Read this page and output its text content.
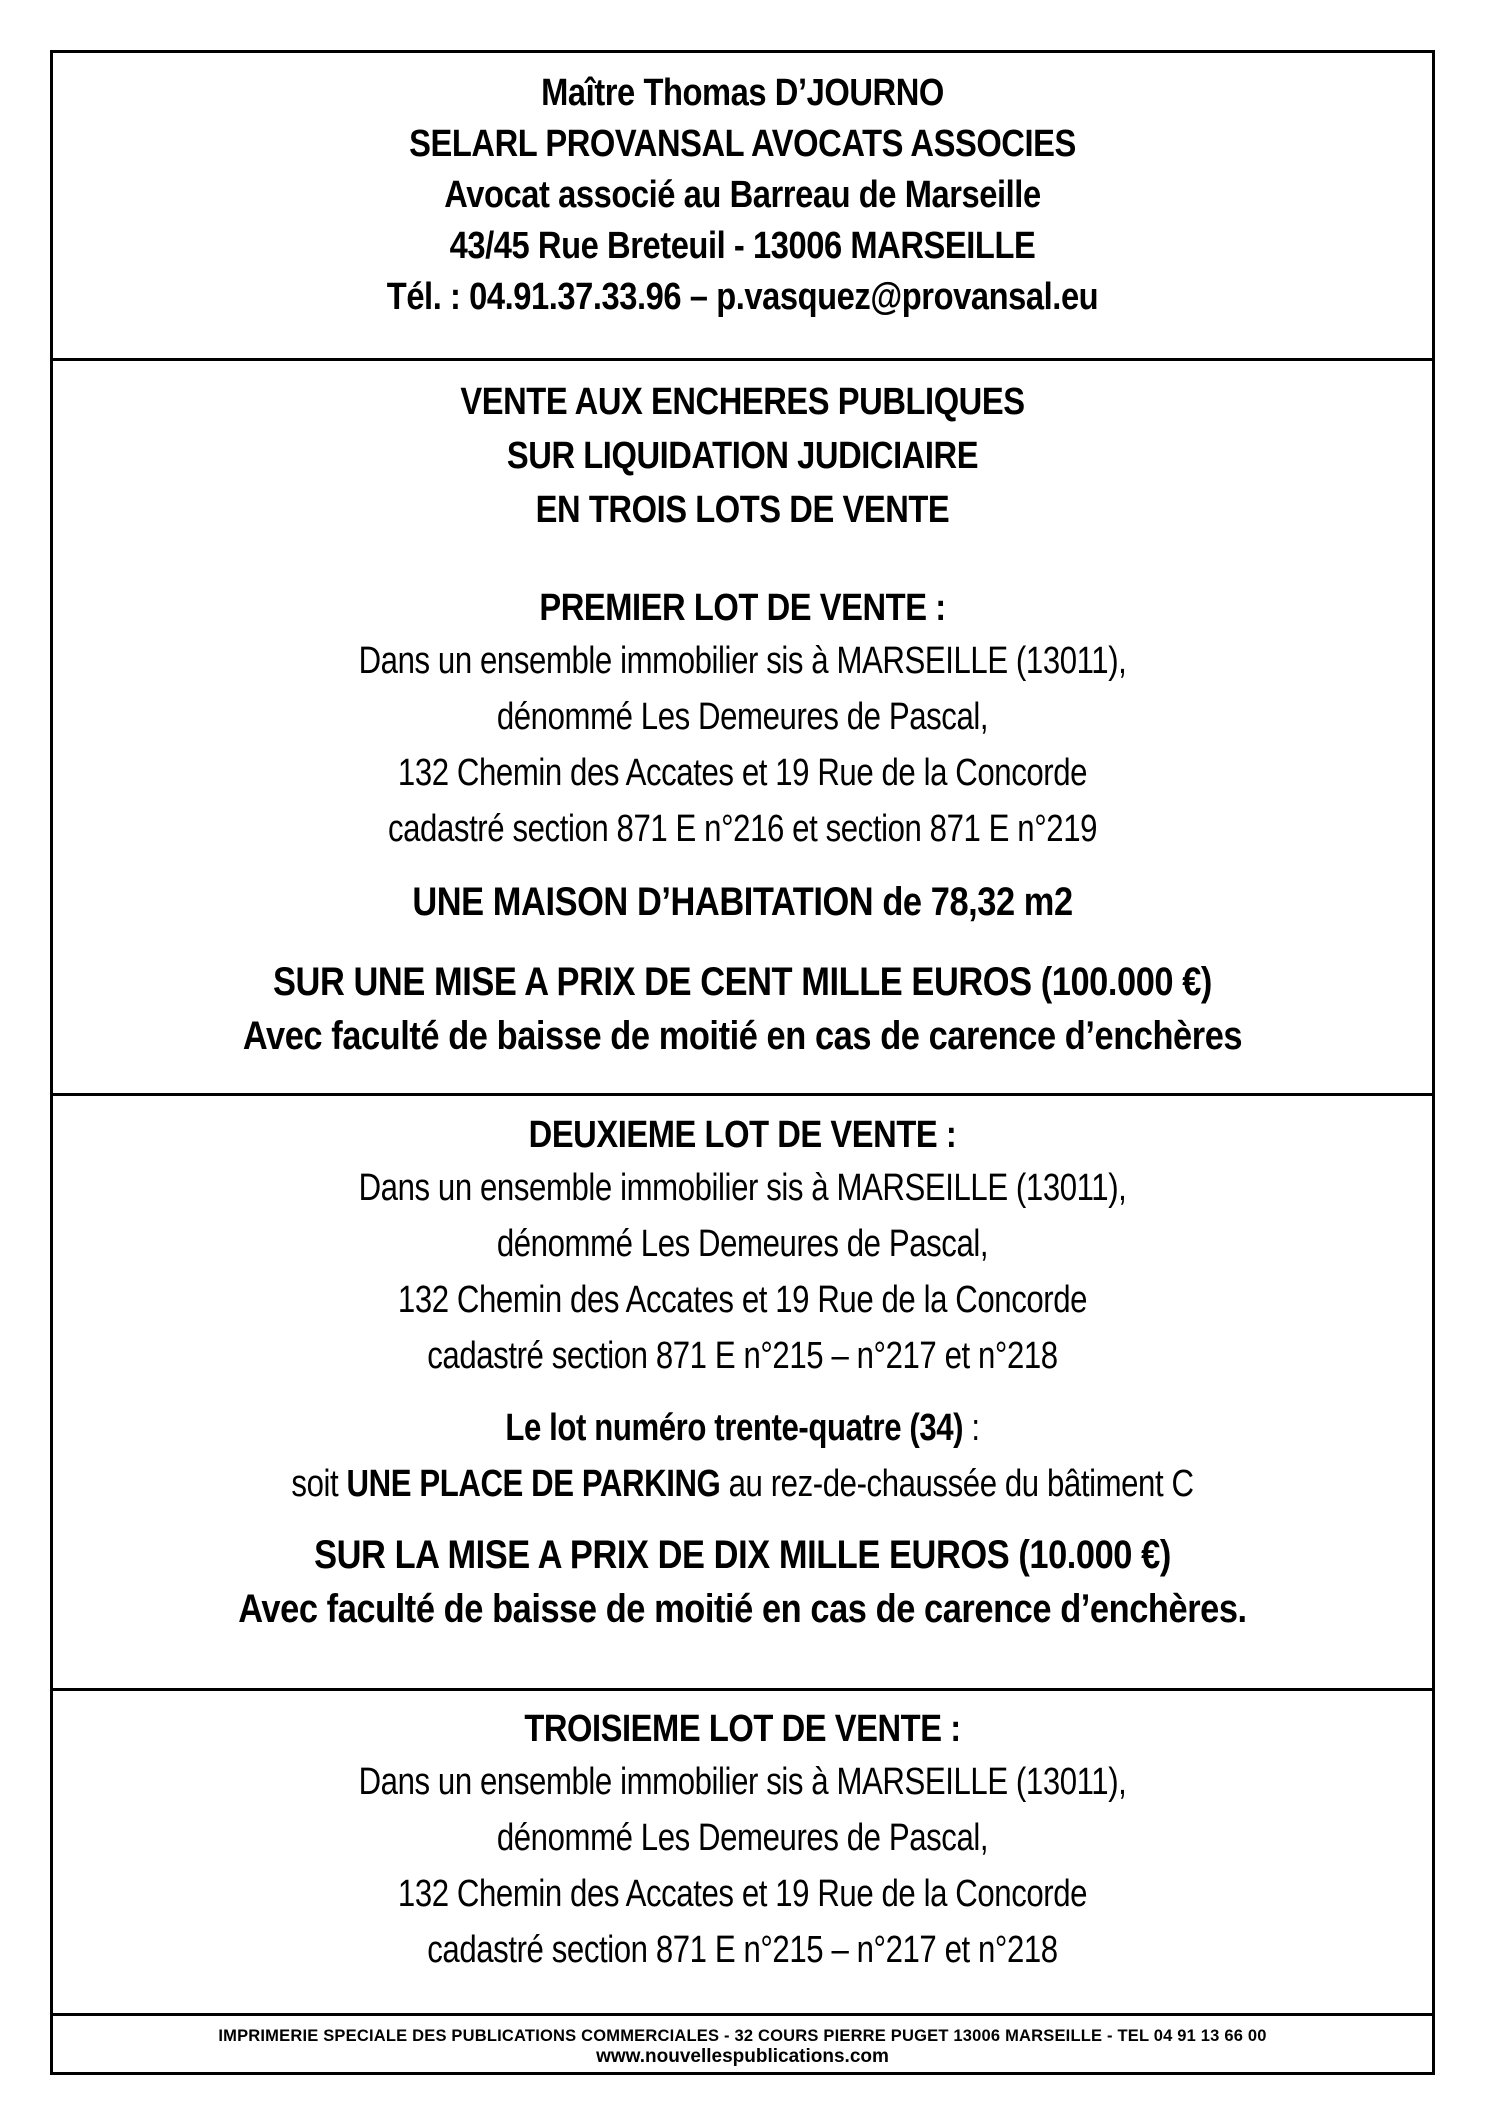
Maître Thomas D’JOURNO
SELARL PROVANSAL AVOCATS ASSOCIES
Avocat associé au Barreau de Marseille
43/45 Rue Breteuil - 13006 MARSEILLE
Tél. : 04.91.37.33.96 – p.vasquez@provansal.eu
VENTE AUX ENCHERES PUBLIQUES
SUR LIQUIDATION JUDICIAIRE
EN TROIS LOTS DE VENTE
PREMIER LOT DE VENTE :
Dans un ensemble immobilier sis à MARSEILLE (13011),
dénommé Les Demeures de Pascal,
132 Chemin des Accates et 19 Rue de la Concorde
cadastré section 871 E n°216 et section 871 E n°219
UNE MAISON D’HABITATION de 78,32 m2
SUR UNE MISE A PRIX DE CENT MILLE EUROS (100.000 €)
Avec faculté de baisse de moitié en cas de carence d’enchères
DEUXIEME LOT DE VENTE :
Dans un ensemble immobilier sis à MARSEILLE (13011),
dénommé Les Demeures de Pascal,
132 Chemin des Accates et 19 Rue de la Concorde
cadastré section 871 E n°215 – n°217 et n°218
Le lot numéro trente-quatre (34) :
soit UNE PLACE DE PARKING au rez-de-chaussée du bâtiment C
SUR LA MISE A PRIX DE DIX MILLE EUROS (10.000 €)
Avec faculté de baisse de moitié en cas de carence d’enchères.
TROISIEME LOT DE VENTE :
Dans un ensemble immobilier sis à MARSEILLE (13011),
dénommé Les Demeures de Pascal,
132 Chemin des Accates et 19 Rue de la Concorde
cadastré section 871 E n°215 – n°217 et n°218
IMPRIMERIE SPECIALE DES PUBLICATIONS COMMERCIALES - 32 COURS PIERRE PUGET 13006 MARSEILLE - TEL 04 91 13 66 00
www.nouvellespublications.com
